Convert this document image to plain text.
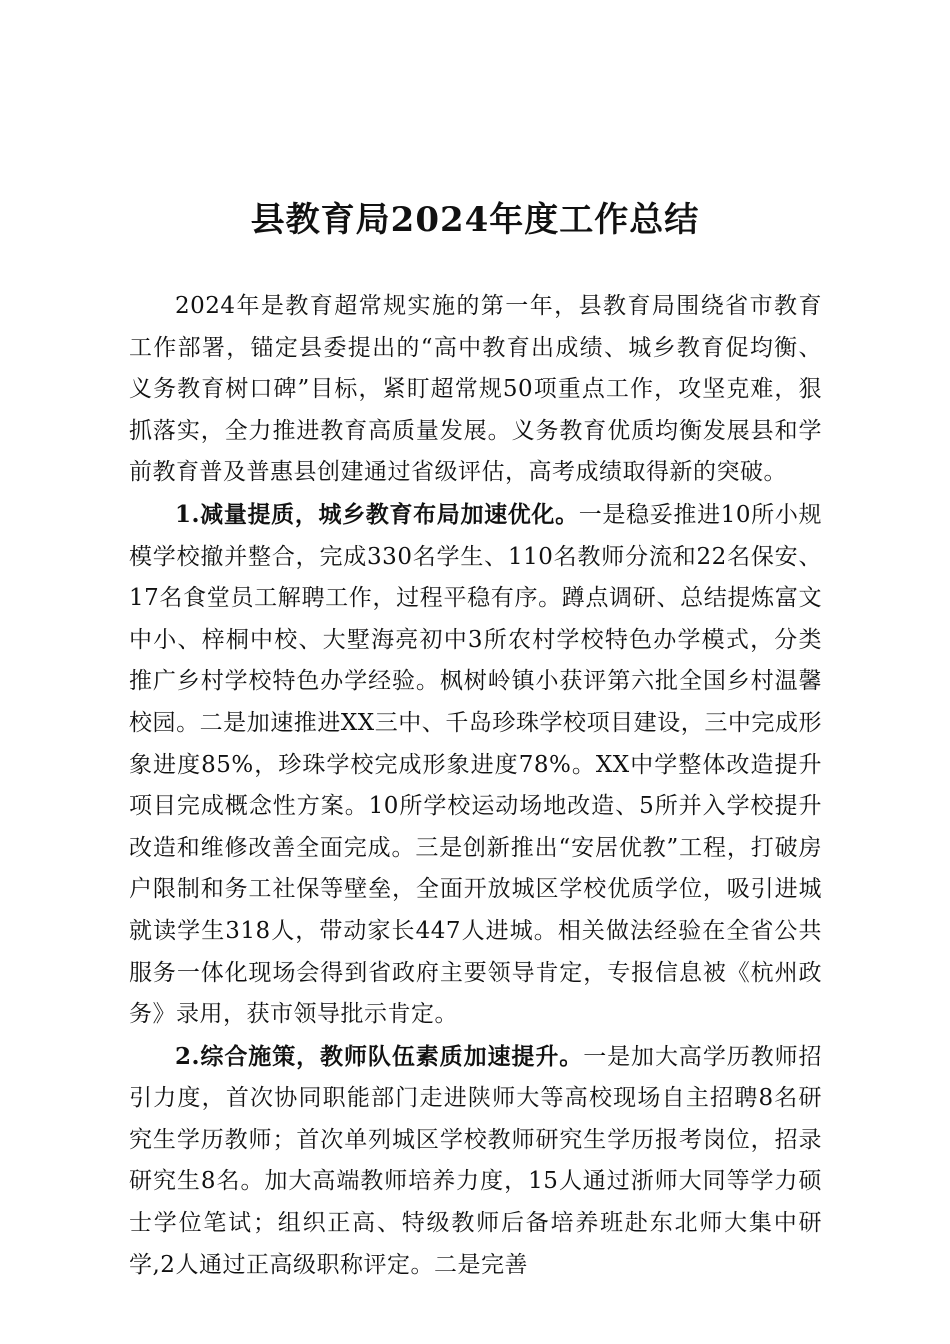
县教育局2024年度工作总结

2024年是教育超常规实施的第一年，县教育局围绕省市教育工作部署，锚定县委提出的“高中教育出成绩、城乡教育促均衡、义务教育树口碑”目标，紧盯超常规50项重点工作，攻坚克难，狠抓落实，全力推进教育高质量发展。义务教育优质均衡发展县和学前教育普及普惠县创建通过省级评估，高考成绩取得新的突破。

1.减量提质，城乡教育布局加速优化。一是稳妥推进10所小规模学校撤并整合，完成330名学生、110名教师分流和22名保安、17名食堂员工解聘工作，过程平稳有序。蹲点调研、总结提炼富文中小、梓桐中校、大墅海亮初中3所农村学校特色办学模式，分类推广乡村学校特色办学经验。枫树岭镇小获评第六批全国乡村温馨校园。二是加速推进XX三中、千岛珍珠学校项目建设，三中完成形象进度85%，珍珠学校完成形象进度78%。XX中学整体改造提升项目完成概念性方案。10所学校运动场地改造、5所并入学校提升改造和维修改善全面完成。三是创新推出“安居优教”工程，打破房户限制和务工社保等壁垒，全面开放城区学校优质学位，吸引进城就读学生318人，带动家长447人进城。相关做法经验在全省公共服务一体化现场会得到省政府主要领导肯定，专报信息被《杭州政务》录用，获市领导批示肯定。

2.综合施策，教师队伍素质加速提升。一是加大高学历教师招引力度，首次协同职能部门走进陕师大等高校现场自主招聘8名研究生学历教师；首次单列城区学校教师研究生学历报考岗位，招录研究生8名。加大高端教师培养力度，15人通过浙师大同等学力硕士学位笔试；组织正高、特级教师后备培养班赴东北师大集中研学,2人通过正高级职称评定。二是完善
